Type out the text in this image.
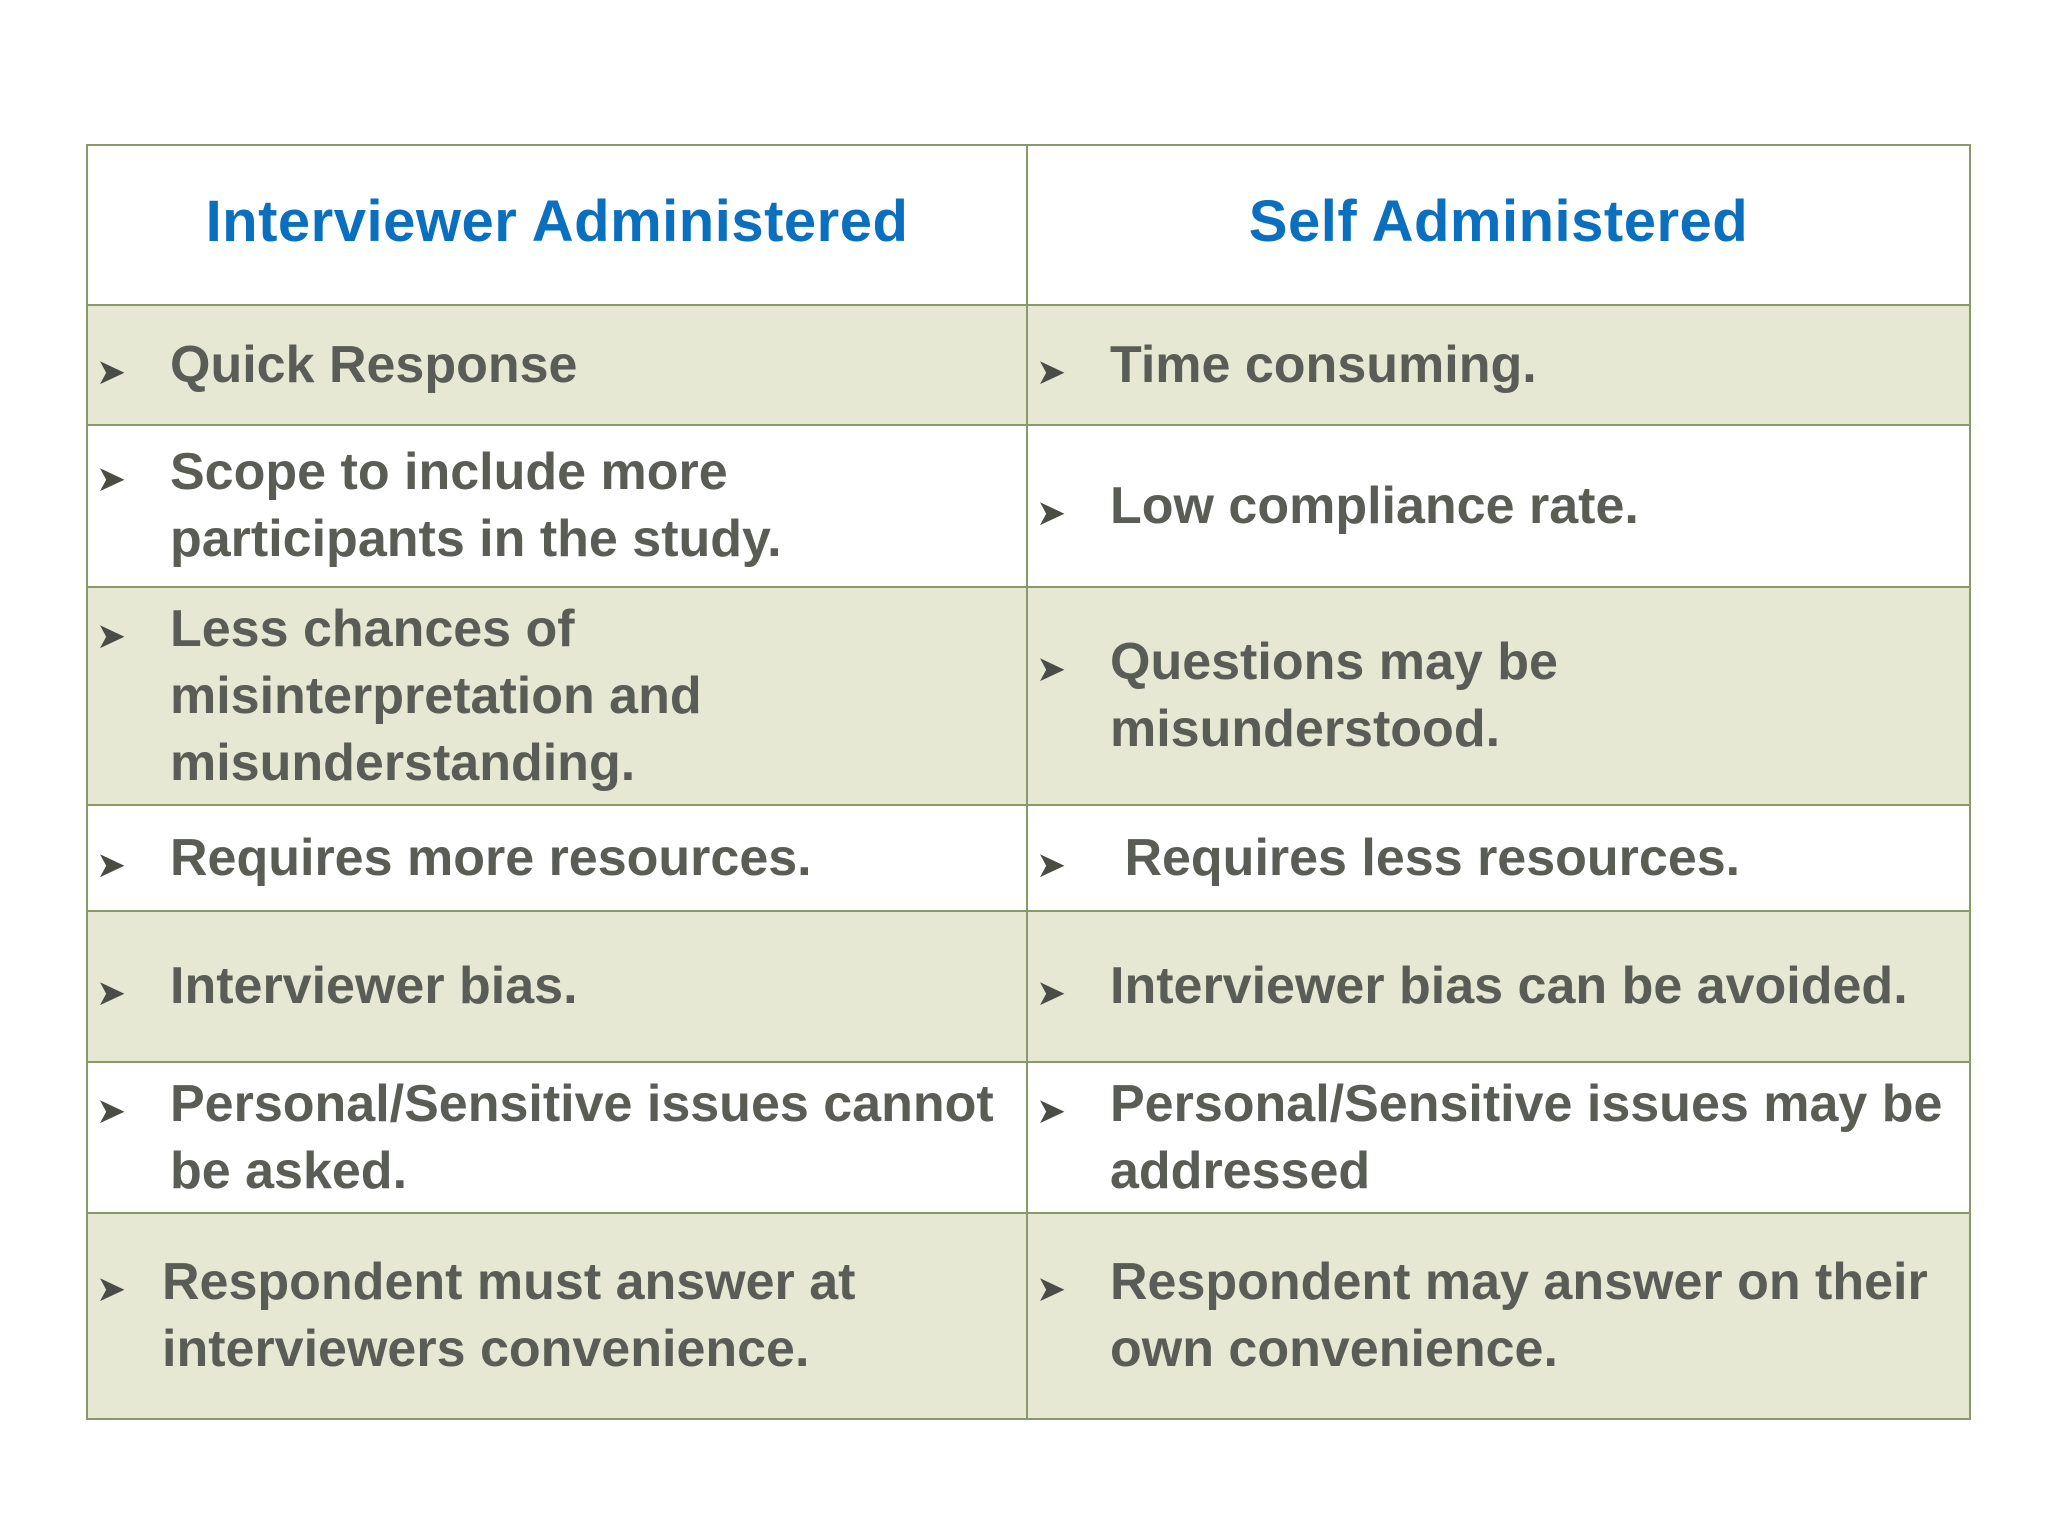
Interviewer Administered	Self Administered

➤ Quick Response	➤ Time consuming.

➤ Scope to include more participants in the study.	➤ Low compliance rate.

➤ Less chances of misinterpretation and misunderstanding.	➤ Questions may be misunderstood.

➤ Requires more resources.	➤ Requires less resources.

➤ Interviewer bias.	➤ Interviewer bias can be avoided.

➤ Personal/Sensitive issues cannot be asked.	➤ Personal/Sensitive issues may be addressed

➤ Respondent must answer at interviewers convenience.	➤ Respondent may answer on their own convenience.
